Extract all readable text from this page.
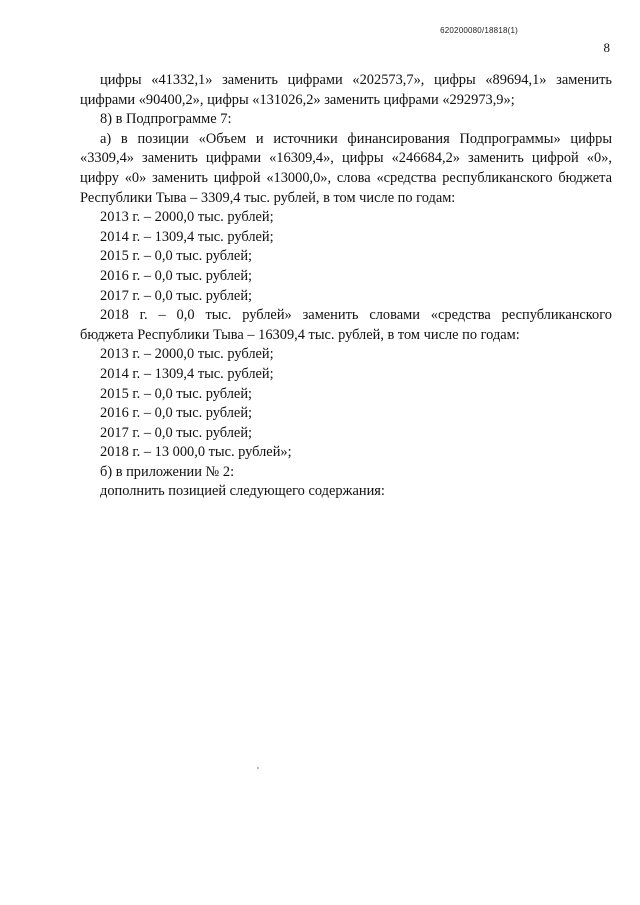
620200080/18818(1)
8

цифры «41332,1» заменить цифрами «202573,7», цифры «89694,1» заменить

цифрами «90400,2», цифры «131026,2» заменить цифрами «292973,9»;

8) в Подпрограмме 7:

а) в позиции «Объем и источники финансирования Подпрограммы» цифры

«3309,4» заменить цифрами «16309,4», цифры «246684,2» заменить цифрой «0»,

цифру «0» заменить цифрой «13000,0», слова «средства республиканского бюджета

Республики Тыва – 3309,4 тыс. рублей, в том числе по годам:

2013 г. – 2000,0 тыс. рублей;

2014 г. – 1309,4 тыс. рублей;

2015 г. – 0,0 тыс. рублей;

2016 г. – 0,0 тыс. рублей;

2017 г. – 0,0 тыс. рублей;

2018 г. – 0,0 тыс. рублей» заменить словами «средства республиканского

бюджета Республики Тыва – 16309,4 тыс. рублей, в том числе по годам:

2013 г. – 2000,0 тыс. рублей;

2014 г. – 1309,4 тыс. рублей;

2015 г. – 0,0 тыс. рублей;

2016 г. – 0,0 тыс. рублей;

2017 г. – 0,0 тыс. рублей;

2018 г. – 13 000,0 тыс. рублей»;

б) в приложении № 2:

дополнить позицией следующего содержания:
